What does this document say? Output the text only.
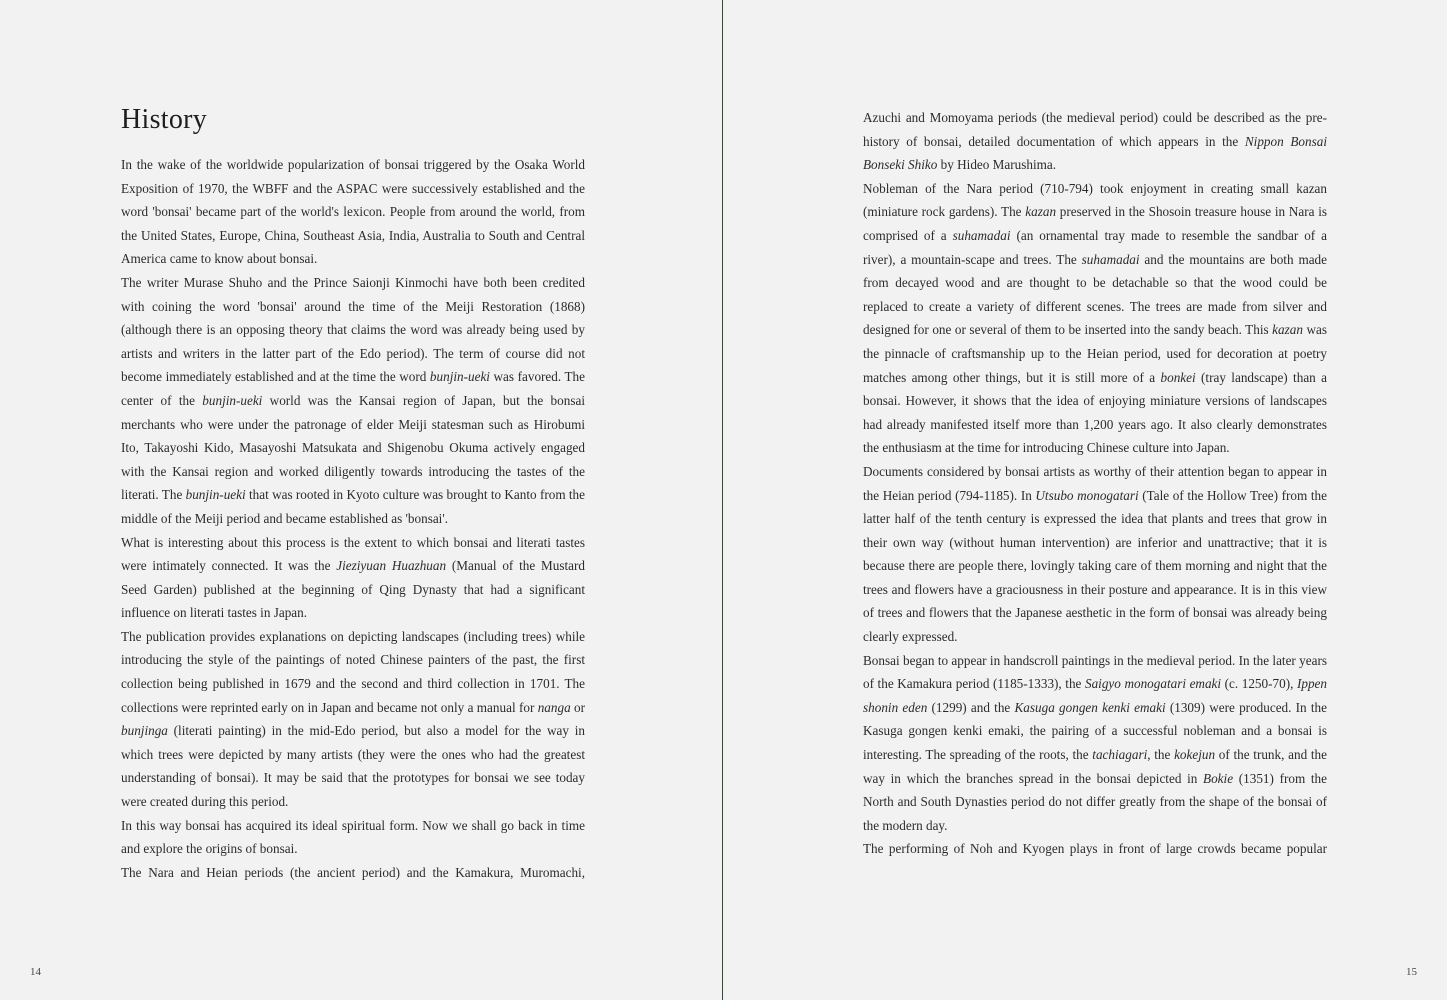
History

In the wake of the worldwide popularization of bonsai triggered by the Osaka World Exposition of 1970, the WBFF and the ASPAC were successively established and the word 'bonsai' became part of the world's lexicon. People from around the world, from the United States, Europe, China, Southeast Asia, India, Australia to South and Central America came to know about bonsai.

The writer Murase Shuho and the Prince Saionji Kinmochi have both been credited with coining the word 'bonsai' around the time of the Meiji Restoration (1868) (although there is an opposing theory that claims the word was already being used by artists and writers in the latter part of the Edo period). The term of course did not become immediately established and at the time the word bunjin-ueki was favored. The center of the bunjin-ueki world was the Kansai region of Japan, but the bonsai merchants who were under the patronage of elder Meiji statesman such as Hirobumi Ito, Takayoshi Kido, Masayoshi Matsukata and Shigenobu Okuma actively engaged with the Kansai region and worked diligently towards introducing the tastes of the literati. The bunjin-ueki that was rooted in Kyoto culture was brought to Kanto from the middle of the Meiji period and became established as 'bonsai'.

What is interesting about this process is the extent to which bonsai and literati tastes were intimately connected. It was the Jieziyuan Huazhuan (Manual of the Mustard Seed Garden) published at the beginning of Qing Dynasty that had a significant influence on literati tastes in Japan.

The publication provides explanations on depicting landscapes (including trees) while introducing the style of the paintings of noted Chinese painters of the past, the first collection being published in 1679 and the second and third collection in 1701. The collections were reprinted early on in Japan and became not only a manual for nanga or bunjinga (literati painting) in the mid-Edo period, but also a model for the way in which trees were depicted by many artists (they were the ones who had the greatest understanding of bonsai). It may be said that the prototypes for bonsai we see today were created during this period.

In this way bonsai has acquired its ideal spiritual form. Now we shall go back in time and explore the origins of bonsai.

The Nara and Heian periods (the ancient period) and the Kamakura, Muromachi,

14

Azuchi and Momoyama periods (the medieval period) could be described as the pre-history of bonsai, detailed documentation of which appears in the Nippon Bonsai Bonseki Shiko by Hideo Marushima.

Nobleman of the Nara period (710-794) took enjoyment in creating small kazan (miniature rock gardens). The kazan preserved in the Shosoin treasure house in Nara is comprised of a suhamadai (an ornamental tray made to resemble the sandbar of a river), a mountain-scape and trees. The suhamadai and the mountains are both made from decayed wood and are thought to be detachable so that the wood could be replaced to create a variety of different scenes. The trees are made from silver and designed for one or several of them to be inserted into the sandy beach. This kazan was the pinnacle of craftsmanship up to the Heian period, used for decoration at poetry matches among other things, but it is still more of a bonkei (tray landscape) than a bonsai. However, it shows that the idea of enjoying miniature versions of landscapes had already manifested itself more than 1,200 years ago. It also clearly demonstrates the enthusiasm at the time for introducing Chinese culture into Japan.

Documents considered by bonsai artists as worthy of their attention began to appear in the Heian period (794-1185). In Utsubo monogatari (Tale of the Hollow Tree) from the latter half of the tenth century is expressed the idea that plants and trees that grow in their own way (without human intervention) are inferior and unattractive; that it is because there are people there, lovingly taking care of them morning and night that the trees and flowers have a graciousness in their posture and appearance. It is in this view of trees and flowers that the Japanese aesthetic in the form of bonsai was already being clearly expressed.

Bonsai began to appear in handscroll paintings in the medieval period. In the later years of the Kamakura period (1185-1333), the Saigyo monogatari emaki (c. 1250-70), Ippen shonin eden (1299) and the Kasuga gongen kenki emaki (1309) were produced. In the Kasuga gongen kenki emaki, the pairing of a successful nobleman and a bonsai is interesting. The spreading of the roots, the tachiagari, the kokejun of the trunk, and the way in which the branches spread in the bonsai depicted in Bokie (1351) from the North and South Dynasties period do not differ greatly from the shape of the bonsai of the modern day.

The performing of Noh and Kyogen plays in front of large crowds became popular

15
